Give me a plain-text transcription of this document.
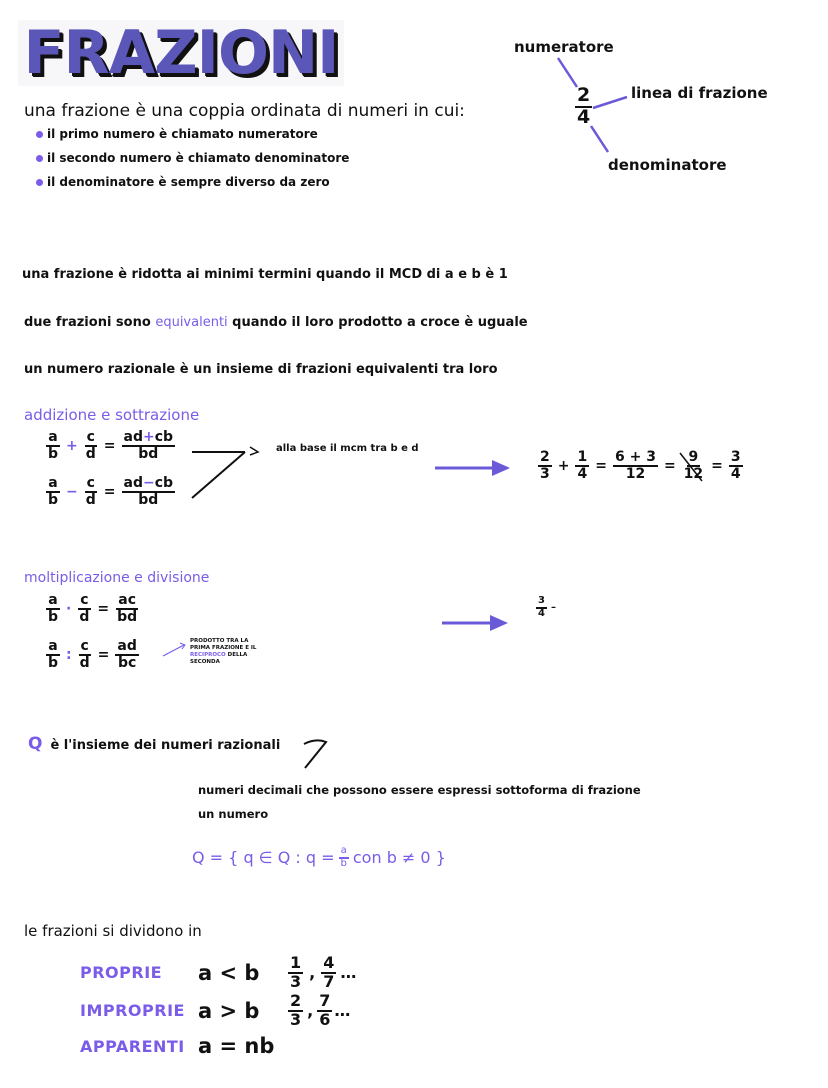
FRAZIONI	numeratore
$\frac{2}{4}$	linea di frazione
denominatore
una frazione è una coppia ordinata di numeri in cui:
il primo numero è chiamato numeratore
il secondo numero è chiamato denominatore
il denominatore è sempre diverso da zero
una frazione è ridotta ai minimi termini quando il MCD di a e b è 1
due frazioni sono equivalenti quando il loro prodotto a croce è uguale
un numero razionale è un insieme di frazioni equivalenti tra loro
addizione e sottrazione
$\frac{a}{b} + \frac{c}{d} = \frac{ad+cb}{bd}$
$\frac{a}{b} - \frac{c}{d} = \frac{ad-cb}{bd}$
alla base il mcm tra b e d
$\frac{2}{3} + \frac{1}{4} = \frac{6 + 3}{12} = \frac{9}{12} = \frac{3}{4}$
moltiplicazione e divisione
$\frac{a}{b} \cdot \frac{c}{d} = \frac{ac}{bd}$
$\frac{a}{b}$ : $\frac{c}{d} = \frac{ad}{bc}$	PRODOTTO TRA LA PRIMA FRAZIONE E IL RECIPROCO DELLA SECONDA
$\frac{3}{4}$ –
Q è l'insieme dei numeri razionali
numeri decimali che possono essere espressi sottoforma di frazione
un numero
Q = { q ∈ Q : $q = \frac{a}{b}$ con b ≠ 0 }
le frazioni si dividono in
PROPRIE	a < b	$\frac{1}{3}$ , $\frac{4}{7}$ …
IMPROPRIE a > b	$\frac{2}{3}$ , $\frac{7}{6}$ …
APPARENTI a = nb
